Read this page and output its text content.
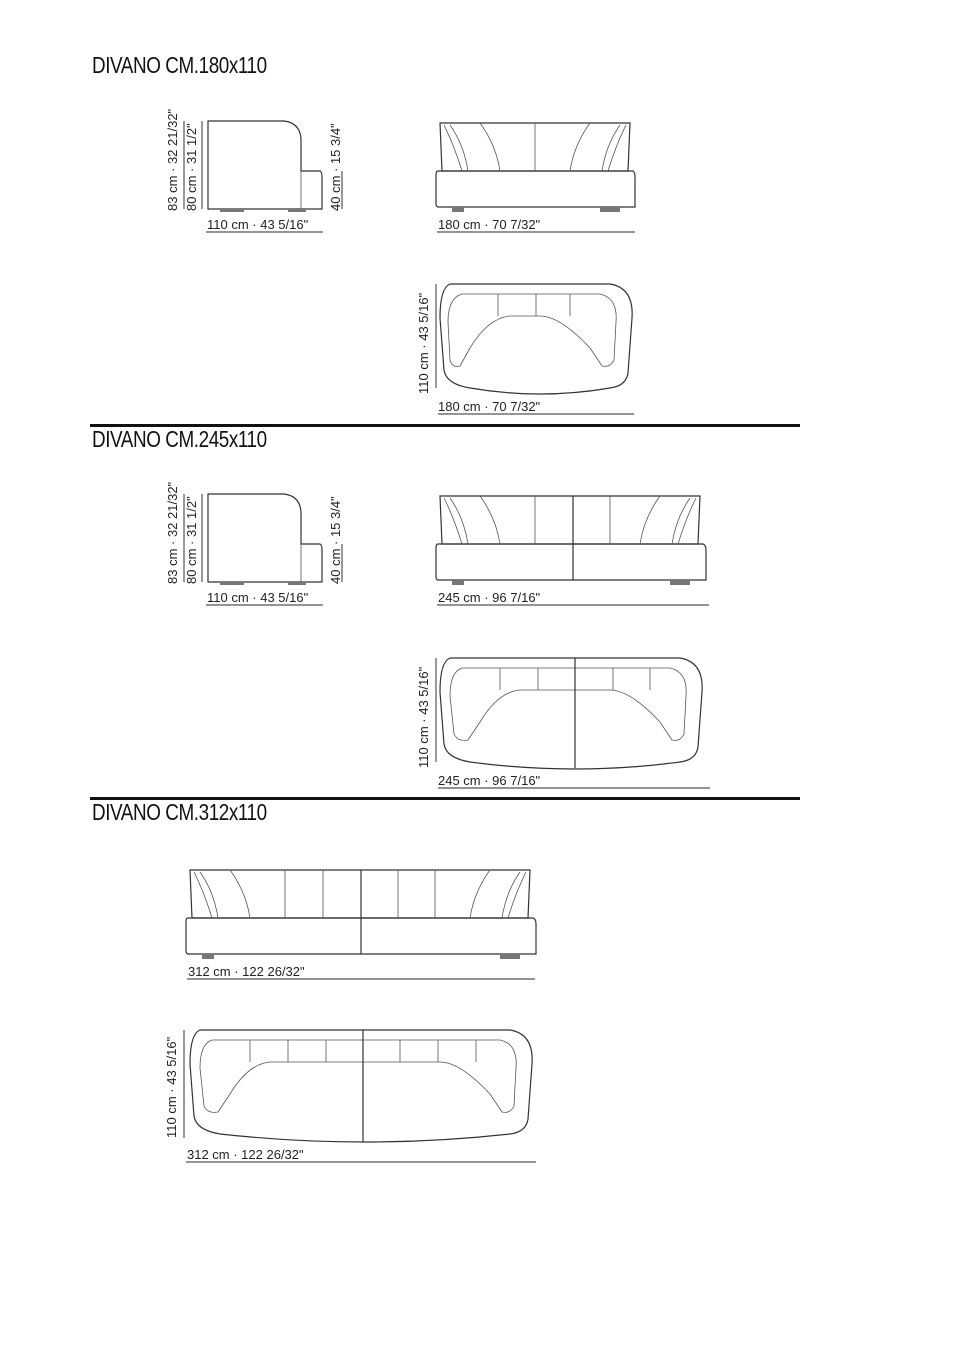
DIVANO CM.180x110
83 cm · 32 21/32" 80 cm · 31 1/2"	40 cm · 15 3/4"
110 cm · 43 5/16"	180 cm · 70 7/32"
110 cm · 43 5/16"
180 cm · 70 7/32"
DIVANO CM.245x110
83 cm · 32 21/32" 80 cm · 31 1/2"	40 cm · 15 3/4"
110 cm · 43 5/16"	245 cm · 96 7/16"
110 cm · 43 5/16"
245 cm · 96 7/16"
DIVANO CM.312x110
312 cm · 122 26/32"
110 cm · 43 5/16"
312 cm · 122 26/32"
